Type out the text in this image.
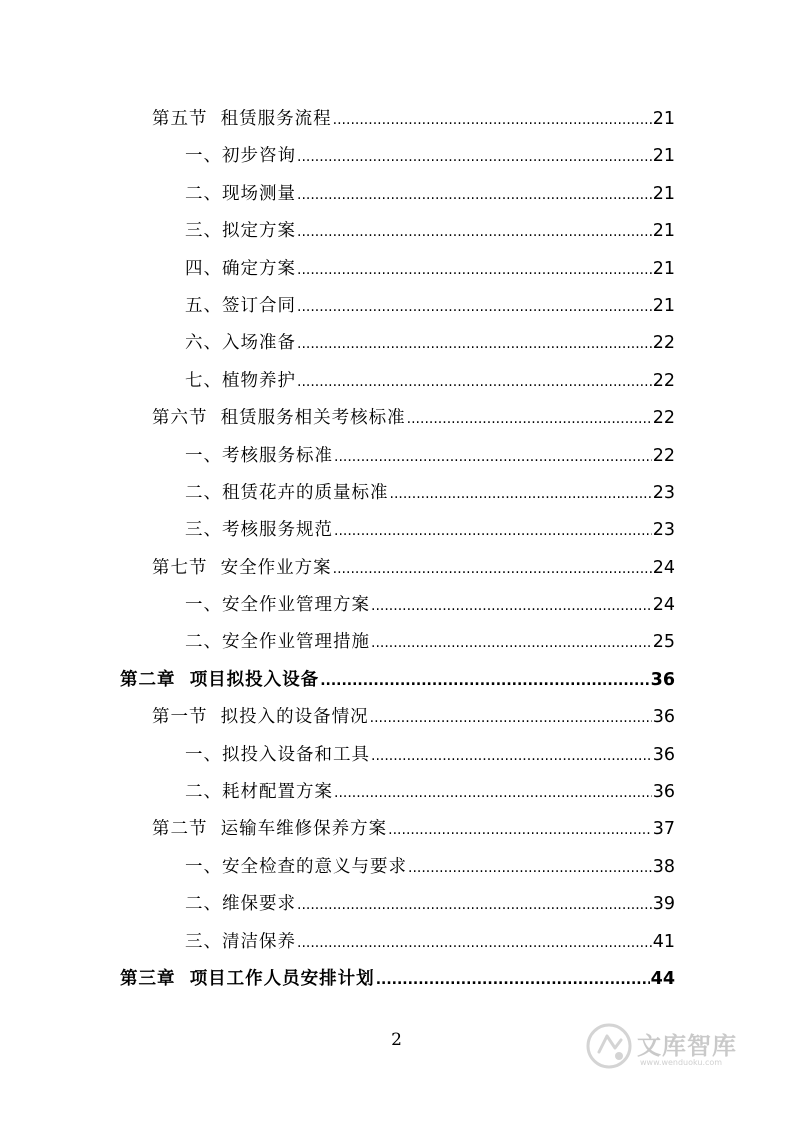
第五节 租赁服务流程 .....	21
一、 初步咨询 .....	21
二、 现场测量 .....	21
三、 拟定方案 .....	21
四、 确定方案 .....	21
五、 签订合同 .....	21
六、 入场准备 .....	22
七、 植物养护 .....	22
第六节 租赁服务相关考核标准 .....	22
一、 考核服务标准 .....	22
二、 租赁花卉的质量标准 .....	23
三、 考核服务规范 .....	23
第七节 安全作业方案 .....	24
一、 安全作业管理方案 .....	24
二、 安全作业管理措施 .....	25
第二章 项目拟投入设备 .....	36
第一节 拟投入的设备情况 .....	36
一、 拟投入设备和工具 .....	36
二、 耗材配置方案 .....	36
第二节 运输车维修保养方案 .....	37
一、 安全检查的意义与要求 .....	38
二、 维保要求 .....	39
三、 清洁保养 .....	41
第三章 项目工作人员安排计划 .....	44
2	文库智库
www.wenduoku.com
